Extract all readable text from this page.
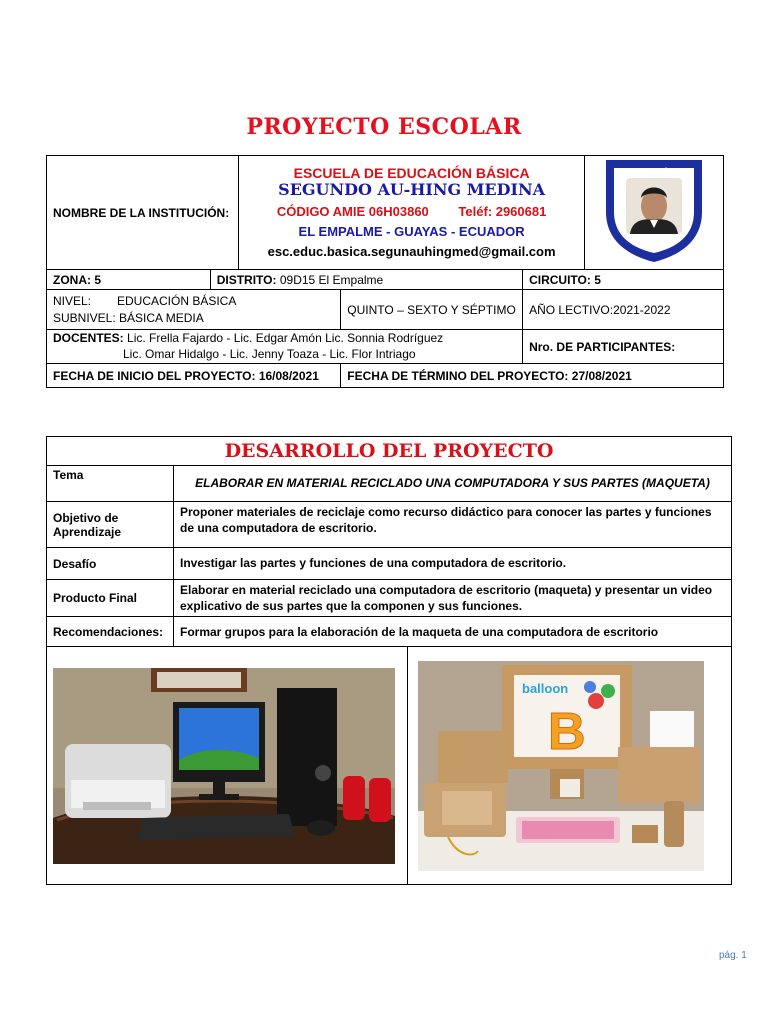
PROYECTO ESCOLAR
NOMBRE DE LA INSTITUCIÓN:		ESCUELA DE EDUCACIÓN BÁSICA
SEGUNDO AU-HING MEDINA
CÓDIGO AMIE 06H03860 Teléf: 2960681
EL EMPALME - GUAYAS - ECUADOR
esc.educ.basica.segunauhingmed@gmail.com

ZONA: 5	DISTRITO: 09D15 El Empalme			CIRCUITO: 5	

NIVEL: EDUCACIÓN BÁSICA
SUBNIVEL: BÁSICA MEDIA			QUINTO – SEXTO Y SÉPTIMO	AÑO LECTIVO:2021-2022	

DOCENTES: Lic. Frella Fajardo - Lic. Edgar Amón Lic. Sonnia Rodríguez
Lic. Omar Hidalgo - Lic. Jenny Toaza - Lic. Flor Intriago				Nro. DE PARTICIPANTES:	
FECHA DE INICIO DEL PROYECTO: 16/08/2021			FECHA DE TÉRMINO DEL PROYECTO: 27/08/2021		
DESARROLLO DEL PROYECTO		
Tema	ELABORAR EN MATERIAL RECICLADO UNA COMPUTADORA Y SUS PARTES (MAQUETA)	
Objetivo de Aprendizaje	Proponer materiales de reciclaje como recurso didáctico para conocer las partes y funciones de una computadora de escritorio.	
Desafío	Investigar las partes y funciones de una computadora de escritorio.	
Producto Final	Elaborar en material reciclado una computadora de escritorio (maqueta) y presentar un video explicativo de sus partes que la componen y sus funciones.	
Recomendaciones:	Formar grupos para la elaboración de la maqueta de una computadora de escritorio	

balloon
B
pág. 1
